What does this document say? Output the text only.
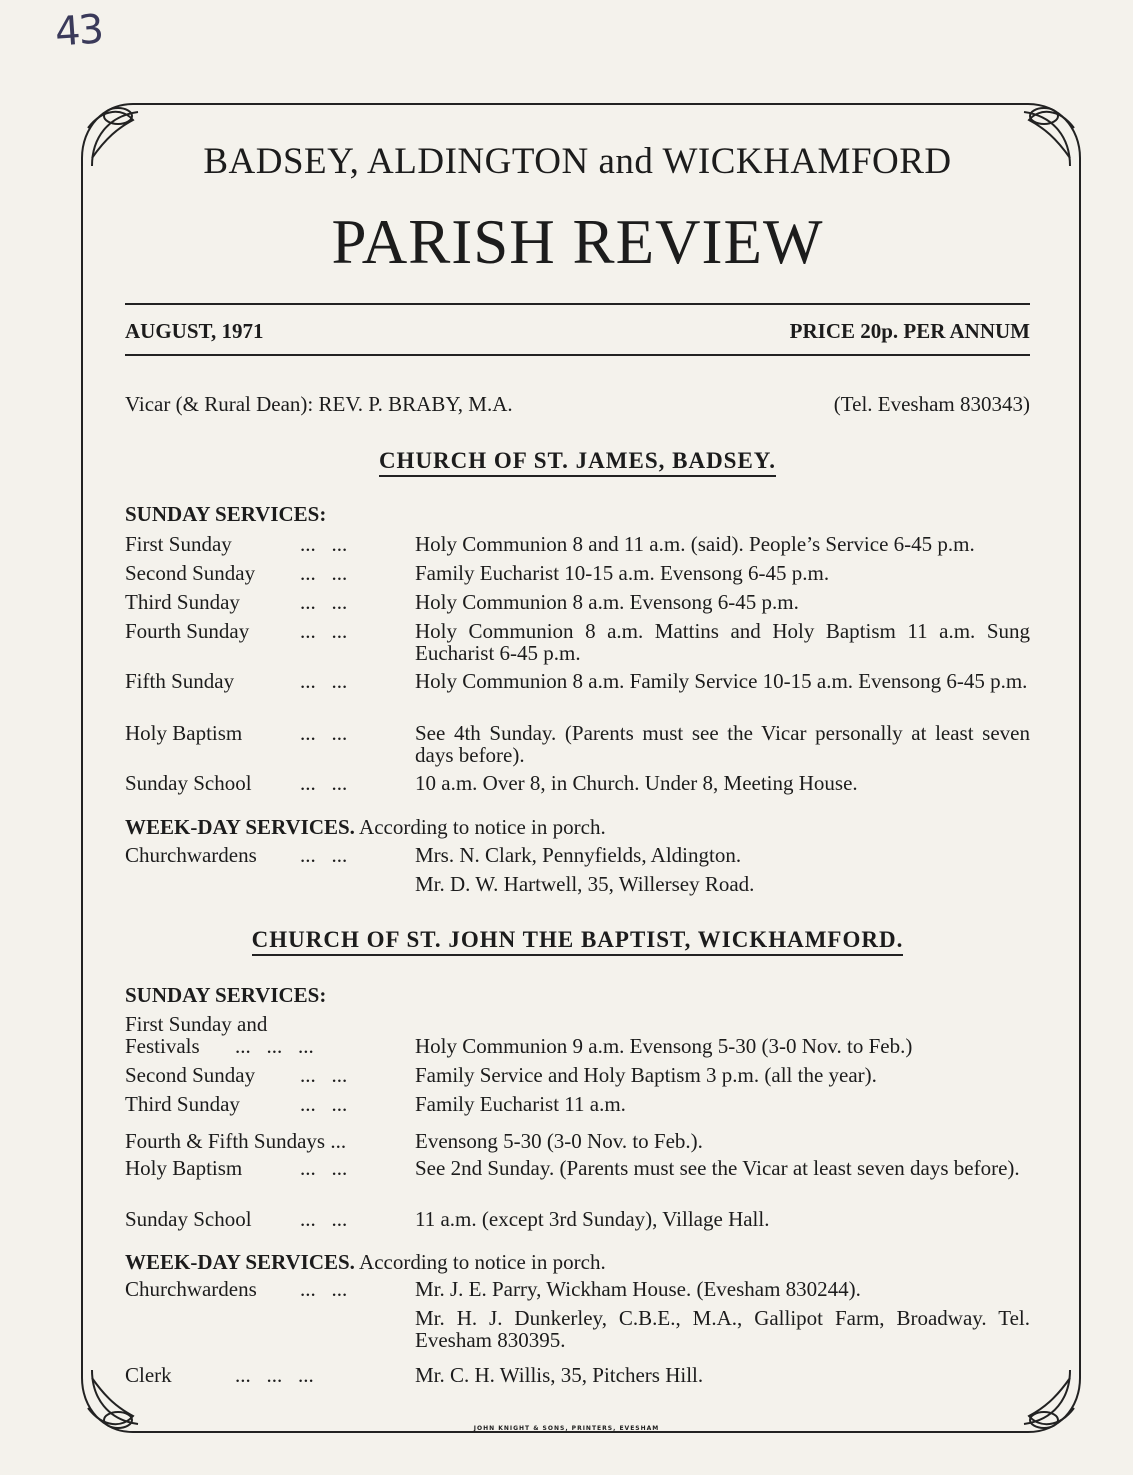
43
BADSEY, ALDINGTON and WICKHAMFORD
PARISH REVIEW
AUGUST, 1971	PRICE 20p. PER ANNUM
Vicar (& Rural Dean): REV. P. BRABY, M.A.	(Tel. Evesham 830343)
CHURCH OF ST. JAMES, BADSEY.
SUNDAY SERVICES:
First Sunday	...   ...	Holy Communion 8 and 11 a.m. (said). People’s Service 6-45 p.m.
Second Sunday	...   ...	Family Eucharist 10-15 a.m. Evensong 6-45 p.m.
Third Sunday	...   ...	Holy Communion 8 a.m. Evensong 6-45 p.m.
Fourth Sunday	...   ...	Holy Communion 8 a.m. Mattins and Holy Baptism 11 a.m. Sung Eucharist 6-45 p.m.
Fifth Sunday	...   ...	Holy Communion 8 a.m. Family Service 10-15 a.m. Evensong 6-45 p.m.
Holy Baptism	...   ...	See 4th Sunday. (Parents must see the Vicar personally at least seven days before).
Sunday School	...   ...	10 a.m. Over 8, in Church. Under 8, Meeting House.
WEEK-DAY SERVICES. According to notice in porch.
Churchwardens	...   ...	Mrs. N. Clark, Pennyfields, Aldington.
Mr. D. W. Hartwell, 35, Willersey Road.
CHURCH OF ST. JOHN THE BAPTIST, WICKHAMFORD.
SUNDAY SERVICES:
First Sunday and
Festivals	...   ...   ...	Holy Communion 9 a.m. Evensong 5-30 (3-0 Nov. to Feb.)
Second Sunday	...   ...	Family Service and Holy Baptism 3 p.m. (all the year).
Third Sunday	...   ...	Family Eucharist 11 a.m.
Fourth & Fifth Sundays ...	Evensong 5-30 (3-0 Nov. to Feb.).
Holy Baptism	...   ...	See 2nd Sunday. (Parents must see the Vicar at least seven days before).
Sunday School	...   ...	11 a.m. (except 3rd Sunday), Village Hall.
WEEK-DAY SERVICES. According to notice in porch.
Churchwardens	...   ...	Mr. J. E. Parry, Wickham House. (Evesham 830244).
Mr. H. J. Dunkerley, C.B.E., M.A., Gallipot Farm, Broadway. Tel. Evesham 830395.
Clerk	...   ...   ...	Mr. C. H. Willis, 35, Pitchers Hill.
JOHN KNIGHT & SONS, PRINTERS, EVESHAM
